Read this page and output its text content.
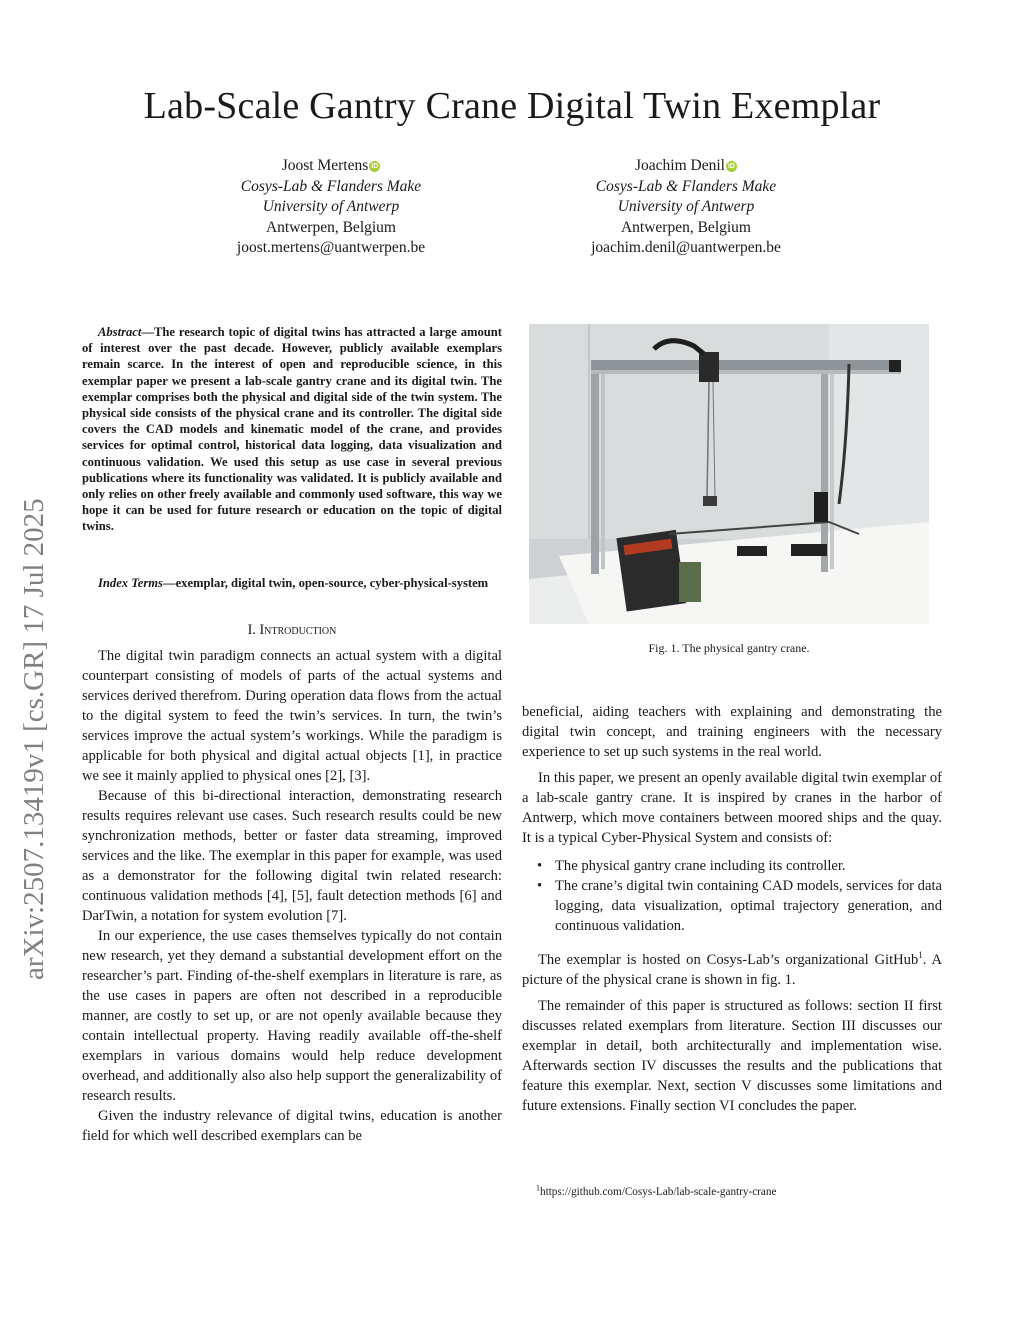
Lab-Scale Gantry Crane Digital Twin Exemplar
Joost Mertens iD
Cosys-Lab & Flanders Make
University of Antwerp
Antwerpen, Belgium
joost.mertens@uantwerpen.be
Joachim Denil iD
Cosys-Lab & Flanders Make
University of Antwerp
Antwerpen, Belgium
joachim.denil@uantwerpen.be
arXiv:2507.13419v1 [cs.GR] 17 Jul 2025
Abstract—The research topic of digital twins has attracted a large amount of interest over the past decade. However, publicly available exemplars remain scarce. In the interest of open and reproducible science, in this exemplar paper we present a lab-scale gantry crane and its digital twin. The exemplar comprises both the physical and digital side of the twin system. The physical side consists of the physical crane and its controller. The digital side covers the CAD models and kinematic model of the crane, and provides services for optimal control, historical data logging, data visualization and continuous validation. We used this setup as use case in several previous publications where its functionality was validated. It is publicly available and only relies on other freely available and commonly used software, this way we hope it can be used for future research or education on the topic of digital twins.
Index Terms—exemplar, digital twin, open-source, cyber-physical-system
I. Introduction

The digital twin paradigm connects an actual system with a digital counterpart consisting of models of parts of the actual systems and services derived therefrom. During operation data flows from the actual to the digital system to feed the twin’s services. In turn, the twin’s services improve the actual system’s workings. While the paradigm is applicable for both physical and digital actual objects [1], in practice we see it mainly applied to physical ones [2], [3].

Because of this bi-directional interaction, demonstrating research results requires relevant use cases. Such research results could be new synchronization methods, better or faster data streaming, improved services and the like. The exemplar in this paper for example, was used as a demonstrator for the following digital twin related research: continuous validation methods [4], [5], fault detection methods [6] and DarTwin, a notation for system evolution [7].

In our experience, the use cases themselves typically do not contain new research, yet they demand a substantial development effort on the researcher’s part. Finding of-the-shelf exemplars in literature is rare, as the use cases in papers are often not described in a reproducible manner, are costly to set up, or are not openly available because they contain intellectual property. Having readily available off-the-shelf exemplars in various domains would help reduce development overhead, and additionally also also help support the generalizability of research results.

Given the industry relevance of digital twins, education is another field for which well described exemplars can be

Fig. 1. The physical gantry crane.

beneficial, aiding teachers with explaining and demonstrating the digital twin concept, and training engineers with the necessary experience to set up such systems in the real world.

In this paper, we present an openly available digital twin exemplar of a lab-scale gantry crane. It is inspired by cranes in the harbor of Antwerp, which move containers between moored ships and the quay. It is a typical Cyber-Physical System and consists of:

• The physical gantry crane including its controller.
• The crane’s digital twin containing CAD models, services for data logging, data visualization, optimal trajectory generation, and continuous validation.

The exemplar is hosted on Cosys-Lab’s organizational GitHub$^1$. A picture of the physical crane is shown in fig. 1.

The remainder of this paper is structured as follows: section II first discusses related exemplars from literature. Section III discusses our exemplar in detail, both architecturally and implementation wise. Afterwards section IV discusses the results and the publications that feature this exemplar. Next, section V discusses some limitations and future extensions. Finally section VI concludes the paper.

$^1$https://github.com/Cosys-Lab/lab-scale-gantry-crane
